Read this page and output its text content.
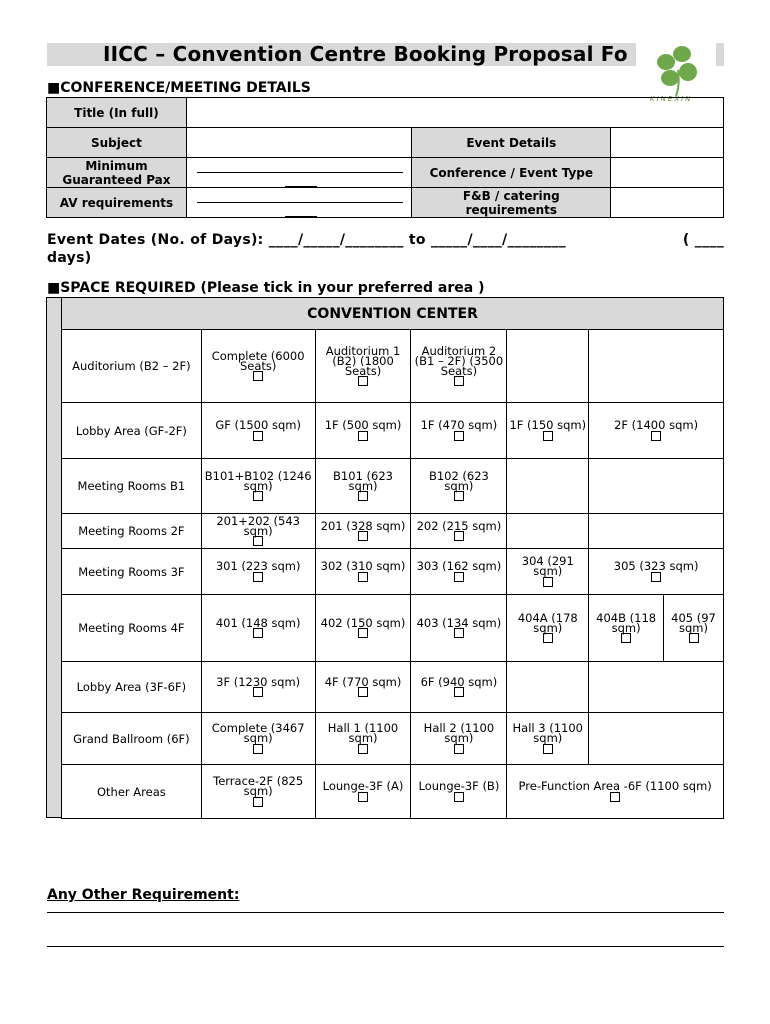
IICC – Convention Centre Booking Proposal Fo
KINEXIN
■CONFERENCE/MEETING DETAILS
Title (In full)			
Subject		Event Details	
Minimum Guaranteed Pax		Conference / Event Type	
AV requirements		F&B / catering requirements	
Event Dates (No. of Days): ____/_____/________ to _____/____/________	( ____
days)
■SPACE REQUIRED (Please tick in your preferred area )
CONVENTION CENTER						
Auditorium (B2 – 2F)	Complete (6000 Seats)	Auditorium 1 (B2) (1800 Seats)	Auditorium 2 (B1 – 2F) (3500 Seats)			

Lobby Area (GF-2F)	GF (1500 sqm)	1F (500 sqm)	1F (470 sqm)	1F (150 sqm)	2F (1400 sqm)	

Meeting Rooms B1	B101+B102 (1246 sqm)	B101 (623 sqm)	B102 (623 sqm)			

Meeting Rooms 2F	201+202 (543 sqm)	201 (328 sqm)	202 (215 sqm)			

Meeting Rooms 3F	301 (223 sqm)	302 (310 sqm)	303 (162 sqm)	304 (291 sqm)	305 (323 sqm)	

Meeting Rooms 4F	401 (148 sqm)	402 (150 sqm)	403 (134 sqm)	404A (178 sqm)	404B (118 sqm)	405 (97 sqm)

Lobby Area (3F-6F)	3F (1230 sqm)	4F (770 sqm)	6F (940 sqm)			

Grand Ballroom (6F)	Complete (3467 sqm)	Hall 1 (1100 sqm)	Hall 2 (1100 sqm)	Hall 3 (1100 sqm)		

Other Areas	Terrace-2F (825 sqm)	Lounge-3F (A)	Lounge-3F (B)	Pre-Function Area -6F (1100 sqm)		
Any Other Requirement:
